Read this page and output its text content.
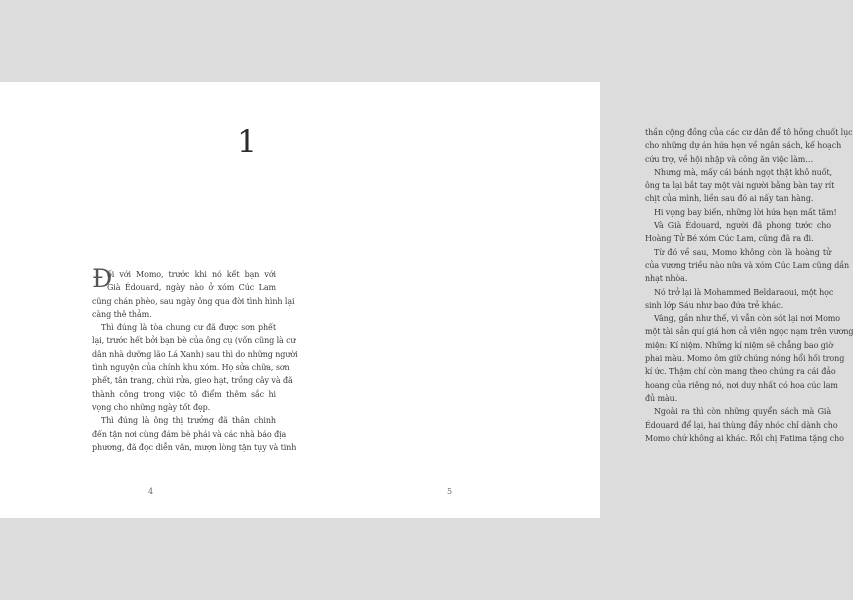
1
Đ
ối với Momo, trước khi nó kết bạn với
Già Édouard, ngày nào ở xóm Cúc Lam
cũng chán phèo, sau ngày ông qua đời tình hình lại
càng thê thảm.
Thì đúng là tòa chung cư đã được sơn phết
lại, trước hết bởi bạn bè của ông cụ (vốn cũng là cư
dân nhà dưỡng lão Lá Xanh) sau thì do những người
tình nguyện của chính khu xóm. Họ sửa chữa, sơn
phết, tân trang, chùi rửa, gieo hạt, trồng cây và đã
thành công trong việc tô điểm thêm sắc hi
vọng cho những ngày tốt đẹp.
Thì đúng là ông thị trưởng đã thân chinh
đến tận nơi cùng đám bè phái và các nhà báo địa
phương, đã đọc diễn văn, mượn lòng tận tụy và tinh
4
thần cộng đồng của các cư dân để tô hồng chuốt lục
cho những dự án hứa hẹn về ngân sách, kế hoạch
cứu trợ, về hội nhập và công ăn việc làm…
Nhưng mà, mấy cái bánh ngọt thật khô nuốt,
ông ta lại bắt tay một vài người bằng bàn tay rít
chịt của mình, liền sau đó ai nấy tan hàng.
Hi vọng bay biến, những lời hứa hẹn mất tăm!
Và Già Édouard, người đã phong tước cho
Hoàng Tử Bé xóm Cúc Lam, cũng đã ra đi.
Từ đó về sau, Momo không còn là hoàng tử
của vương triều nào nữa và xóm Cúc Lam cũng dần
nhạt nhòa.
Nó trở lại là Mohammed Beldaraoui, một học
sinh lớp Sáu như bao đứa trẻ khác.
Vâng, gần như thế, vì vẫn còn sót lại nơi Momo
một tài sản quí giá hơn cả viên ngọc nạm trên vương
miện: Kí niệm. Những kí niệm sẽ chẳng bao giờ
phai màu. Momo ôm giữ chúng nóng hổi hối trong
kí ức. Thậm chí còn mang theo chúng ra cái đảo
hoang của riêng nó, nơi duy nhất có hoa cúc lam
đủ màu.
Ngoài ra thì còn những quyển sách mà Già
Édouard để lại, hai thùng đầy nhóc chỉ dành cho
Momo chứ không ai khác. Rồi chị Fatima tặng cho
5
